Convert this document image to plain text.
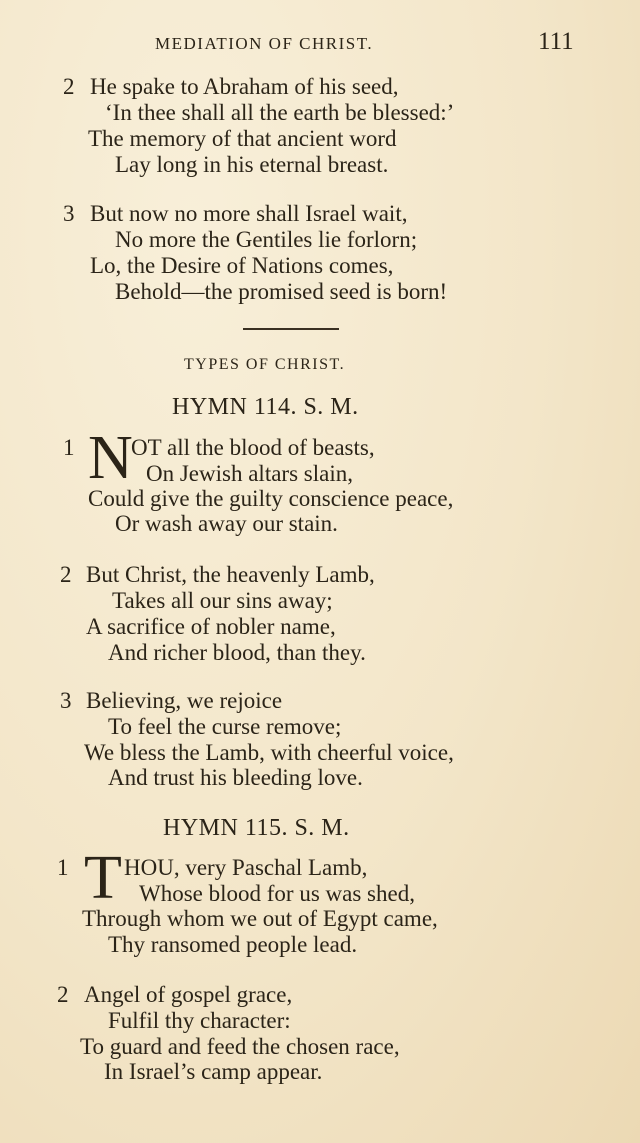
MEDIATION OF CHRIST.	111
2 He spake to Abraham of his seed,
‘In thee shall all the earth be blessed:’
The memory of that ancient word
Lay long in his eternal breast.
3 But now no more shall Israel wait,
No more the Gentiles lie forlorn;
Lo, the Desire of Nations comes,
Behold—the promised seed is born!
TYPES OF CHRIST.
HYMN 114. S. M.
1 N
OT all the blood of beasts,
On Jewish altars slain,
Could give the guilty conscience peace,
Or wash away our stain.
2 But Christ, the heavenly Lamb,
Takes all our sins away;
A sacrifice of nobler name,
And richer blood, than they.
3 Believing, we rejoice
To feel the curse remove;
We bless the Lamb, with cheerful voice,
And trust his bleeding love.
HYMN 115. S. M.
1 T HOU, very Paschal Lamb,
Whose blood for us was shed,
Through whom we out of Egypt came,
Thy ransomed people lead.
2 Angel of gospel grace,
Fulfil thy character:
To guard and feed the chosen race,
In Israel’s camp appear.
